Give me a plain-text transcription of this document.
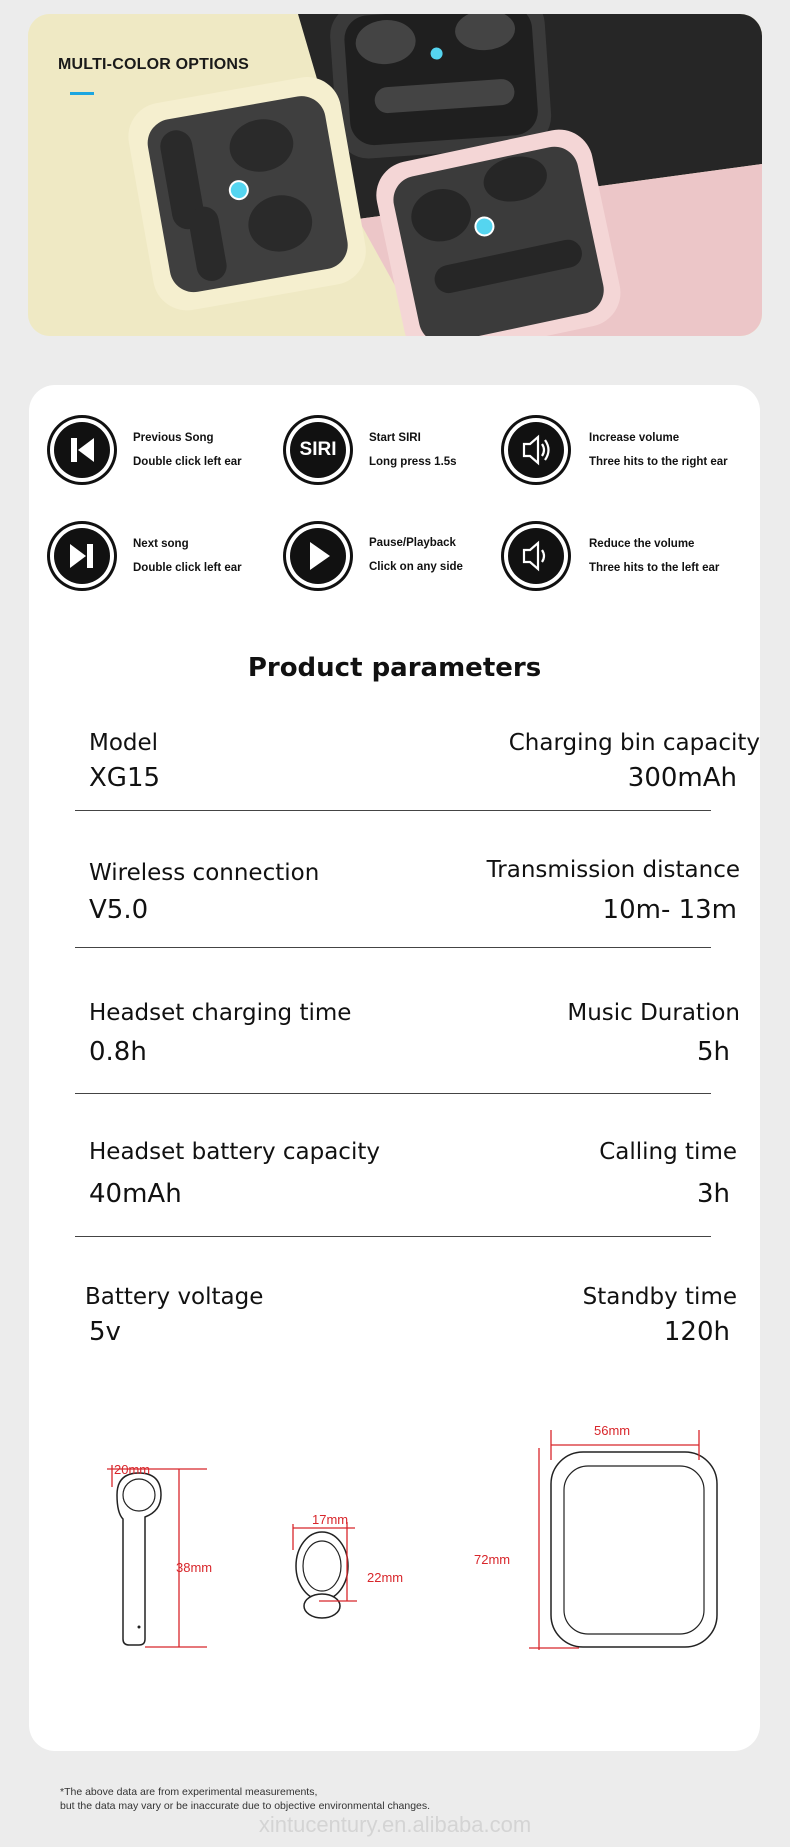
MULTI-COLOR OPTIONS
Previous Song
Double click left ear
SIRI
Start SIRI
Long press 1.5s
Increase volume
Three hits to the right ear
Next song
Double click left ear
Pause/Playback
Click on any side
Reduce the volume
Three hits to the left ear
Product parameters
Model
XG15
Charging bin capacity
300mAh
Wireless connection
V5.0
Transmission distance
10m- 13m
Headset charging time
0.8h
Music Duration
5h
Headset battery capacity
40mAh
Calling time
3h
Battery voltage
5v
Standby time
120h
20mm
38mm
17mm
22mm
56mm
72mm
*The above data are from experimental measurements,
but the data may vary or be inaccurate due to objective environmental changes.
xintucentury.en.alibaba.com
